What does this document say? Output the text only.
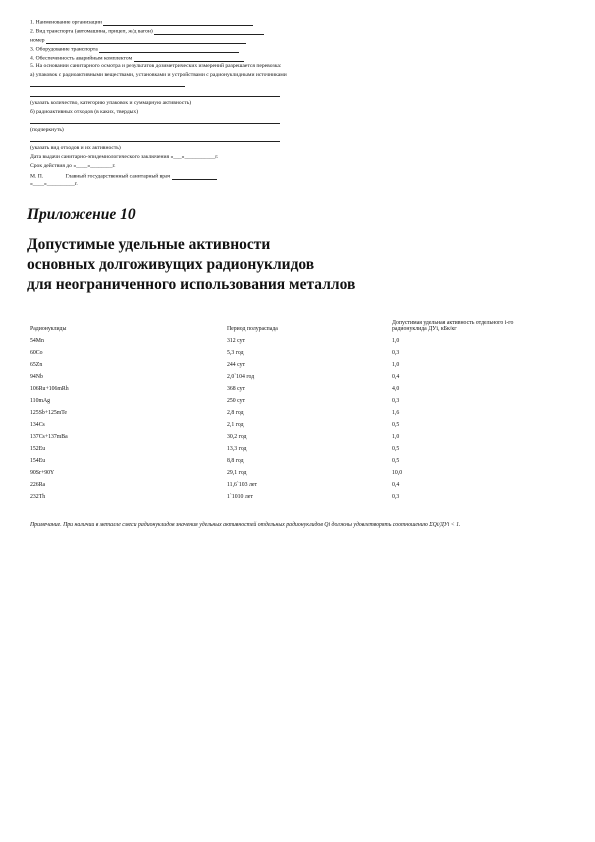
1. Наименование организации
2. Вид транспорта (автомашина, прицеп, ж/д вагон)
номер
3. Оборудование транспорта
4. Обеспеченность аварийным комплектом
5. На основании санитарного осмотра и результатов дозиметрических измерений разрешается перевозка:
а) упаковок с радиоактивными веществами, установками и устройствами с радионуклидными источниками
(указать количество, категорию упаковок и суммарную активность)
б) радиоактивных отходов (в каких, твердых)
(подчеркнуть)
(указать вид отходов и их активность)
Дата выдачи санитарно-эпидемиологического заключения «___»___________г.
Срок действия до «____»________г.
М. П.                Главный государственный санитарный врач
«____»__________г.
Приложение 10
Допустимые удельные активности
основных долгоживущих радионуклидов
для неограниченного использования металлов
Радионуклиды	Период полураспада	Допустимая удельная активность отдельного i-го радионуклида ДУi, кБк/кг
54Mn	312 сут	1,0
60Co	5,3 год	0,3
65Zn	244 сут	1,0
94Nb	2,0`104 год	0,4
106Ru+106mRh	368 сут	4,0
110mAg	250 сут	0,3
125Sb+125mTe	2,8 год	1,6
134Cs	2,1 год	0,5
137Cs+137mBa	30,2 год	1,0
152Eu	13,3 год	0,5
154Eu	8,8 год	0,5
90Sr+90Y	29,1 год	10,0
226Ra	11,6`103 лет	0,4
232Th	1`1010 лет	0,3
Примечание. При наличии в металле смеси радионуклидов значения удельных активностей отдельных радионуклидов Qi должны удовлетворять соотношению ΣQi/ДУi < 1.
